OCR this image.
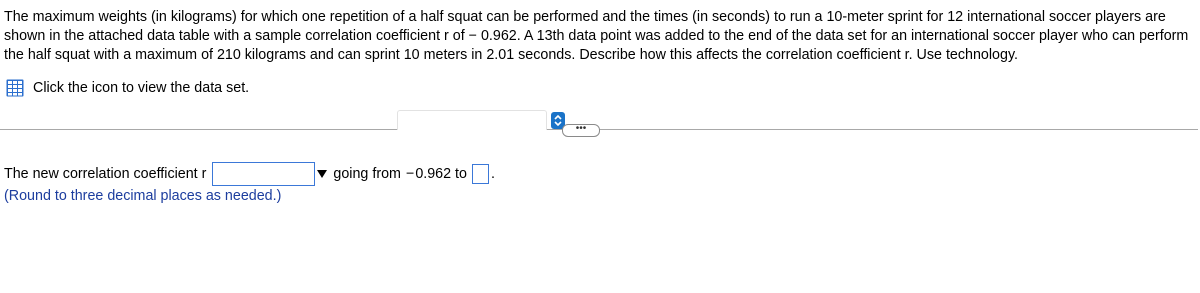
The maximum weights (in kilograms) for which one repetition of a half squat can be performed and the times (in seconds) to run a 10-meter sprint for 12 international soccer players are shown in the attached data table with a sample correlation coefficient r of − 0.962. A 13th data point was added to the end of the data set for an international soccer player who can perform the half squat with a maximum of 210 kilograms and can sprint 10 meters in 2.01 seconds. Describe how this affects the correlation coefficient r. Use technology.

Click the icon to view the data set.
•••
The new correlation coefficient r	going from − 0.962 to .
(Round to three decimal places as needed.)
